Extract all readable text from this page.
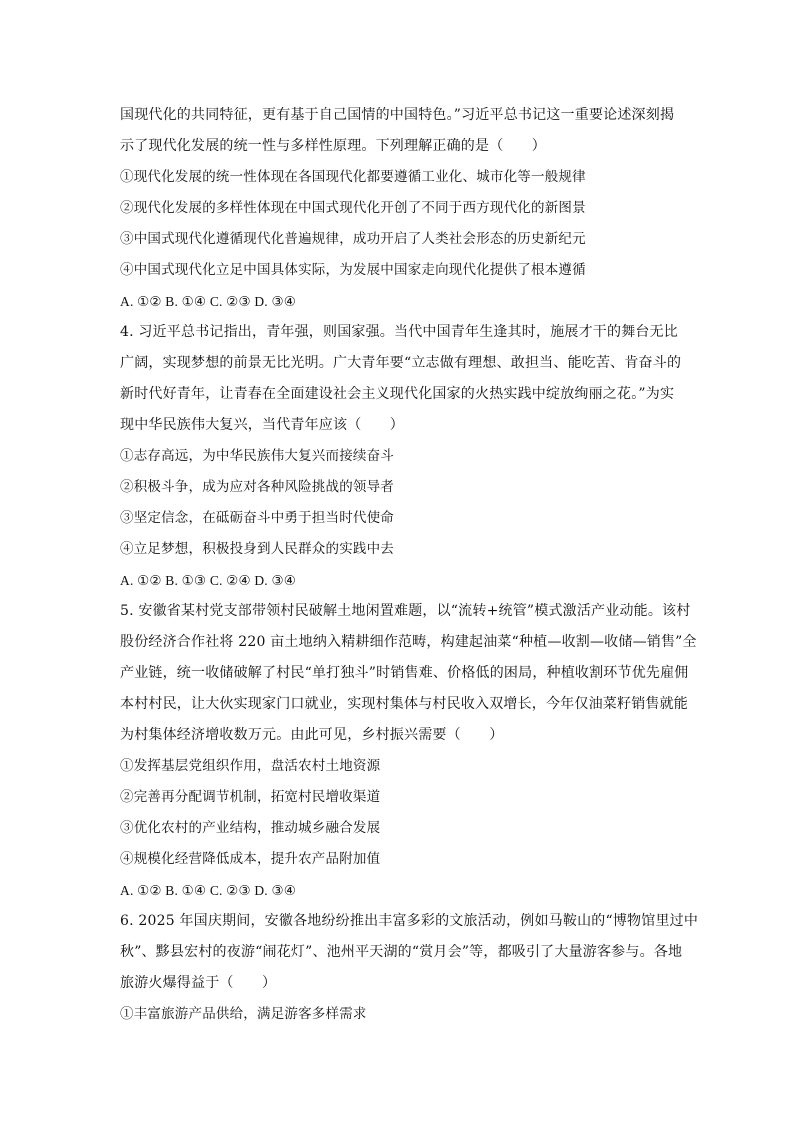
国现代化的共同特征，更有基于自己国情的中国特色。”习近平总书记这一重要论述深刻揭
示了现代化发展的统一性与多样性原理。下列理解正确的是（　　）
①现代化发展的统一性体现在各国现代化都要遵循工业化、城市化等一般规律
②现代化发展的多样性体现在中国式现代化开创了不同于西方现代化的新图景
③中国式现代化遵循现代化普遍规律，成功开启了人类社会形态的历史新纪元
④中国式现代化立足中国具体实际，为发展中国家走向现代化提供了根本遵循
A. ①② B. ①④ C. ②③ D. ③④
4. 习近平总书记指出，青年强，则国家强。当代中国青年生逢其时，施展才干的舞台无比
广阔，实现梦想的前景无比光明。广大青年要“立志做有理想、敢担当、能吃苦、肯奋斗的
新时代好青年，让青春在全面建设社会主义现代化国家的火热实践中绽放绚丽之花。”为实
现中华民族伟大复兴，当代青年应该（　　）
①志存高远，为中华民族伟大复兴而接续奋斗
②积极斗争，成为应对各种风险挑战的领导者
③坚定信念，在砥砺奋斗中勇于担当时代使命
④立足梦想，积极投身到人民群众的实践中去
A. ①② B. ①③ C. ②④ D. ③④
5. 安徽省某村党支部带领村民破解土地闲置难题，以“流转+统管”模式激活产业动能。该村
股份经济合作社将 220 亩土地纳入精耕细作范畴，构建起油菜“种植—收割—收储—销售”全
产业链，统一收储破解了村民“单打独斗”时销售难、价格低的困局，种植收割环节优先雇佣
本村村民，让大伙实现家门口就业，实现村集体与村民收入双增长，今年仅油菜籽销售就能
为村集体经济增收数万元。由此可见，乡村振兴需要（　　）
①发挥基层党组织作用，盘活农村土地资源
②完善再分配调节机制，拓宽村民增收渠道
③优化农村的产业结构，推动城乡融合发展
④规模化经营降低成本，提升农产品附加值
A. ①② B. ①④ C. ②③ D. ③④
6. 2025 年国庆期间，安徽各地纷纷推出丰富多彩的文旅活动，例如马鞍山的“博物馆里过中
秋”、黟县宏村的夜游“闹花灯”、池州平天湖的“赏月会”等，都吸引了大量游客参与。各地
旅游火爆得益于（　　）
①丰富旅游产品供给，满足游客多样需求
